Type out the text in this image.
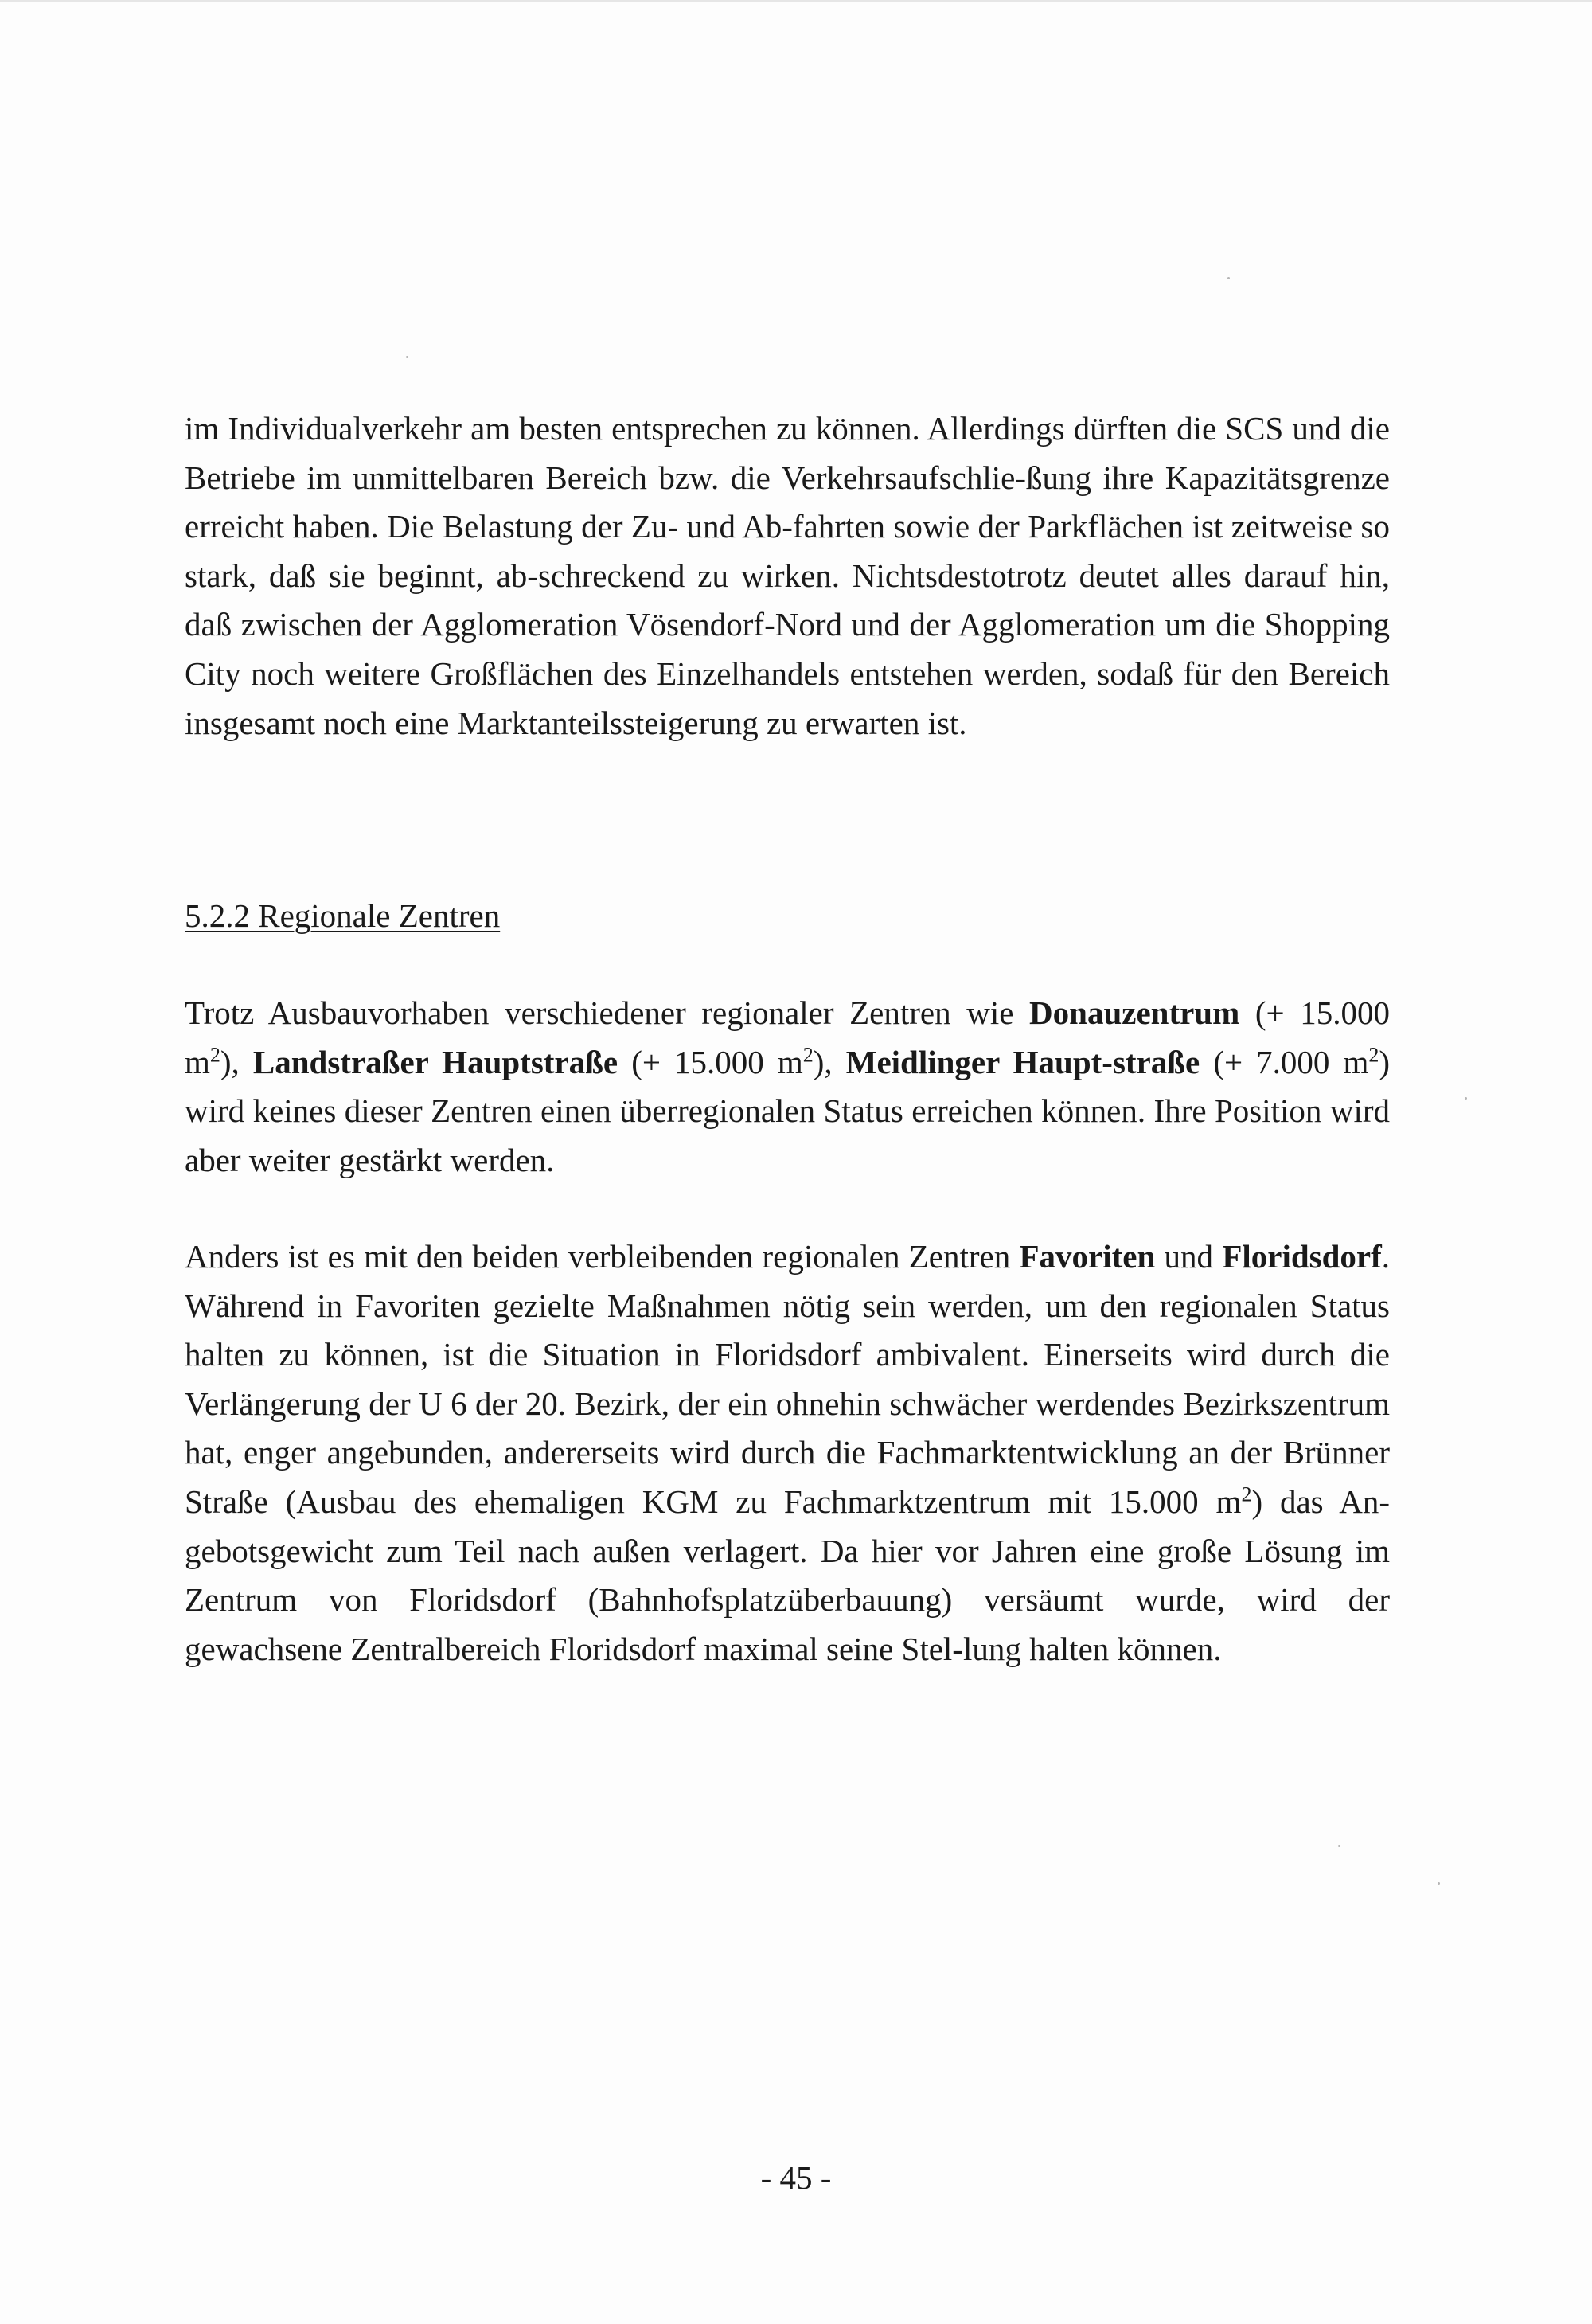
im Individualverkehr am besten entsprechen zu können. Allerdings dürften die SCS und die Betriebe im unmittelbaren Bereich bzw. die Verkehrsaufschlie-ßung ihre Kapazitätsgrenze erreicht haben. Die Belastung der Zu- und Ab-fahrten sowie der Parkflächen ist zeitweise so stark, daß sie beginnt, ab-schreckend zu wirken. Nichtsdestotrotz deutet alles darauf hin, daß zwischen der Agglomeration Vösendorf-Nord und der Agglomeration um die Shopping City noch weitere Großflächen des Einzelhandels entstehen werden, sodaß für den Bereich insgesamt noch eine Marktanteilssteigerung zu erwarten ist.

5.2.2 Regionale Zentren

Trotz Ausbauvorhaben verschiedener regionaler Zentren wie Donauzentrum (+ 15.000 $m^2$), Landstraßer Hauptstraße (+ 15.000 $m^2$), Meidlinger Haupt-straße (+ 7.000 $m^2$) wird keines dieser Zentren einen überregionalen Status erreichen können. Ihre Position wird aber weiter gestärkt werden.

Anders ist es mit den beiden verbleibenden regionalen Zentren Favoriten und Floridsdorf. Während in Favoriten gezielte Maßnahmen nötig sein werden, um den regionalen Status halten zu können, ist die Situation in Floridsdorf ambivalent. Einerseits wird durch die Verlängerung der U 6 der 20. Bezirk, der ein ohnehin schwächer werdendes Bezirkszentrum hat, enger angebunden, andererseits wird durch die Fachmarktentwicklung an der Brünner Straße (Ausbau des ehemaligen KGM zu Fachmarktzentrum mit 15.000 $m^2$) das An-gebotsgewicht zum Teil nach außen verlagert. Da hier vor Jahren eine große Lösung im Zentrum von Floridsdorf (Bahnhofsplatzüberbauung) versäumt wurde, wird der gewachsene Zentralbereich Floridsdorf maximal seine Stel-lung halten können.

- 45 -
